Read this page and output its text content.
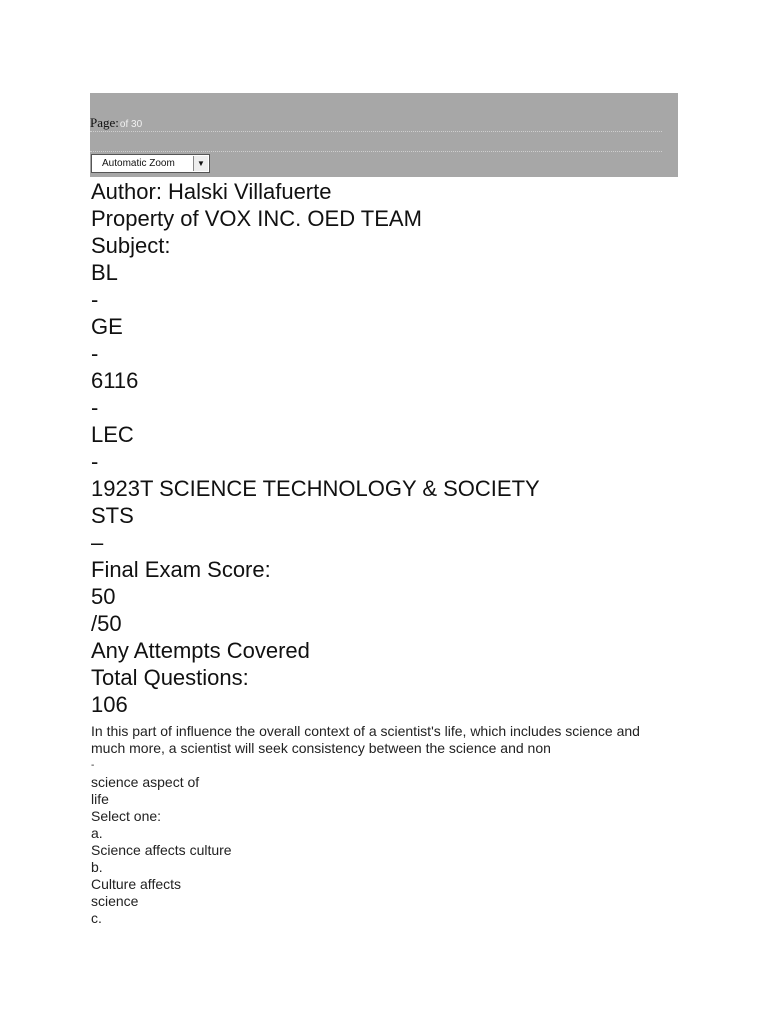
Page: of 30
Automatic Zoom	▼
Author: Halski Villafuerte
Property of VOX INC. OED TEAM
Subject:
BL
-
GE
-
6116
-
LEC
-
1923T SCIENCE TECHNOLOGY & SOCIETY
STS
–
Final Exam Score:
50
/50
Any Attempts Covered
Total Questions:
106
In this part of influence the overall context of a scientist's life, which includes science and much more, a scientist will seek consistency between the science and non
-
science aspect of
life
Select one:
a.
Science affects culture
b.
Culture affects
science
c.
